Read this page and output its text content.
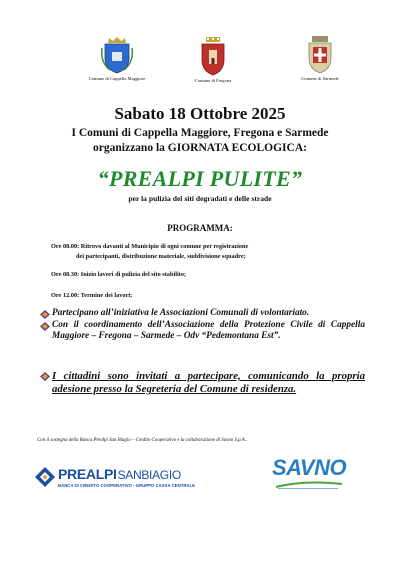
Comune di Cappella Maggiore	Comune di Fregona	Comune di Sarmede
Sabato 18 Ottobre 2025
I Comuni di Cappella Maggiore, Fregona e Sarmede
organizzano la GIORNATA ECOLOGICA:
“PREALPI PULITE”
per la pulizia dei siti degradati e delle strade
PROGRAMMA:
Ore 08.00: Ritrovo davanti al Municipio di ogni comune per registrazione
dei partecipanti, distribuzione materiale, suddivisione squadre;
Ore 08.30: Inizio lavori di pulizia del sito stabilito;
Ore 12.00: Termine dei lavori;
Partecipano all’iniziativa le Associazioni Comunali di volontariato.
Con il coordinamento dell’Associazione della Protezione Civile di Cappella Maggiore – Fregona – Sarmede – Odv “Pedemontana Est”.
I cittadini sono invitati a partecipare, comunicando la propria adesione presso la Segreteria del Comune di residenza.
Con il sostegno della Banca Prealpi San Biagio – Credito Cooperativo e la collaborazione di Savno S.p.A..
PREALPISANBIAGIO
BANCA DI CREDITO COOPERATIVO - GRUPPO CASSA CENTRALE
SAVNO
